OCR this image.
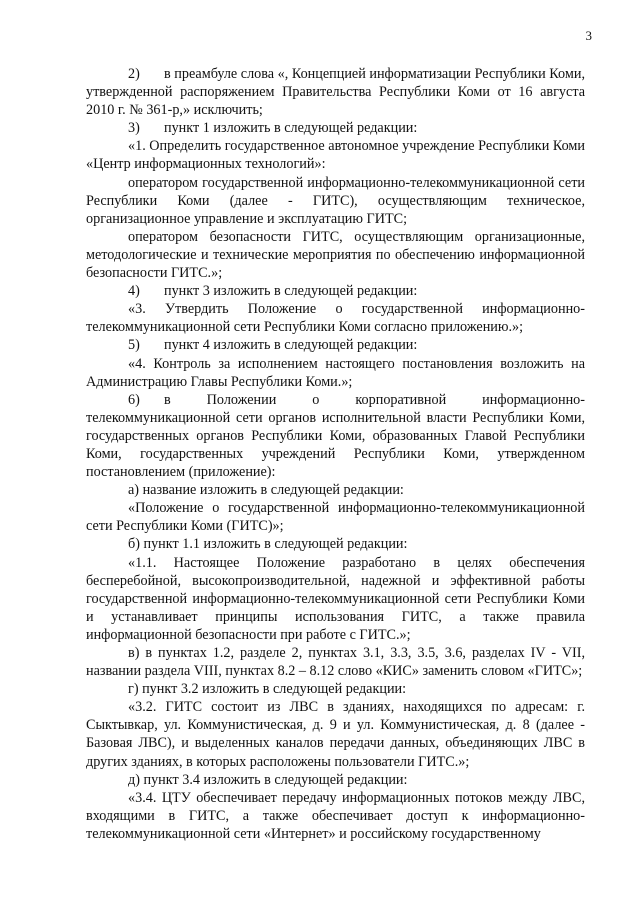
3

2) в преамбуле слова «, Концепцией информатизации Республики Коми, утвержденной распоряжением Правительства Республики Коми от 16 августа 2010 г. № 361-р,» исключить;

3) пункт 1 изложить в следующей редакции:

«1. Определить государственное автономное учреждение Республики Коми «Центр информационных технологий»:

оператором государственной информационно-телекоммуникационной сети Республики Коми (далее - ГИТС), осуществляющим техническое, организационное управление и эксплуатацию ГИТС;

оператором безопасности ГИТС, осуществляющим организационные, методологические и технические мероприятия по обеспечению информационной безопасности ГИТС.»;

4) пункт 3 изложить в следующей редакции:

«3. Утвердить Положение о государственной информационно-телекоммуникационной сети Республики Коми согласно приложению.»;

5) пункт 4 изложить в следующей редакции:

«4. Контроль за исполнением настоящего постановления возложить на Администрацию Главы Республики Коми.»;

6) в Положении о корпоративной информационно-телекоммуникационной сети органов исполнительной власти Республики Коми, государственных органов Республики Коми, образованных Главой Республики Коми, государственных учреждений Республики Коми, утвержденном постановлением (приложение):

а) название изложить в следующей редакции:

«Положение о государственной информационно-телекоммуникационной сети Республики Коми (ГИТС)»;

б) пункт 1.1 изложить в следующей редакции:

«1.1. Настоящее Положение разработано в целях обеспечения бесперебойной, высокопроизводительной, надежной и эффективной работы государственной информационно-телекоммуникационной сети Республики Коми и устанавливает принципы использования ГИТС, а также правила информационной безопасности при работе с ГИТС.»;

в) в пунктах 1.2, разделе 2, пунктах 3.1, 3.3, 3.5, 3.6, разделах IV - VII, названии раздела VIII, пунктах 8.2 – 8.12 слово «КИС» заменить словом «ГИТС»;

г) пункт 3.2 изложить в следующей редакции:

«3.2. ГИТС состоит из ЛВС в зданиях, находящихся по адресам: г. Сыктывкар, ул. Коммунистическая, д. 9 и ул. Коммунистическая, д. 8 (далее - Базовая ЛВС), и выделенных каналов передачи данных, объединяющих ЛВС в других зданиях, в которых расположены пользователи ГИТС.»;

д) пункт 3.4 изложить в следующей редакции:

«3.4. ЦТУ обеспечивает передачу информационных потоков между ЛВС, входящими в ГИТС, а также обеспечивает доступ к информационно-телекоммуникационной сети «Интернет» и российскому государственному
